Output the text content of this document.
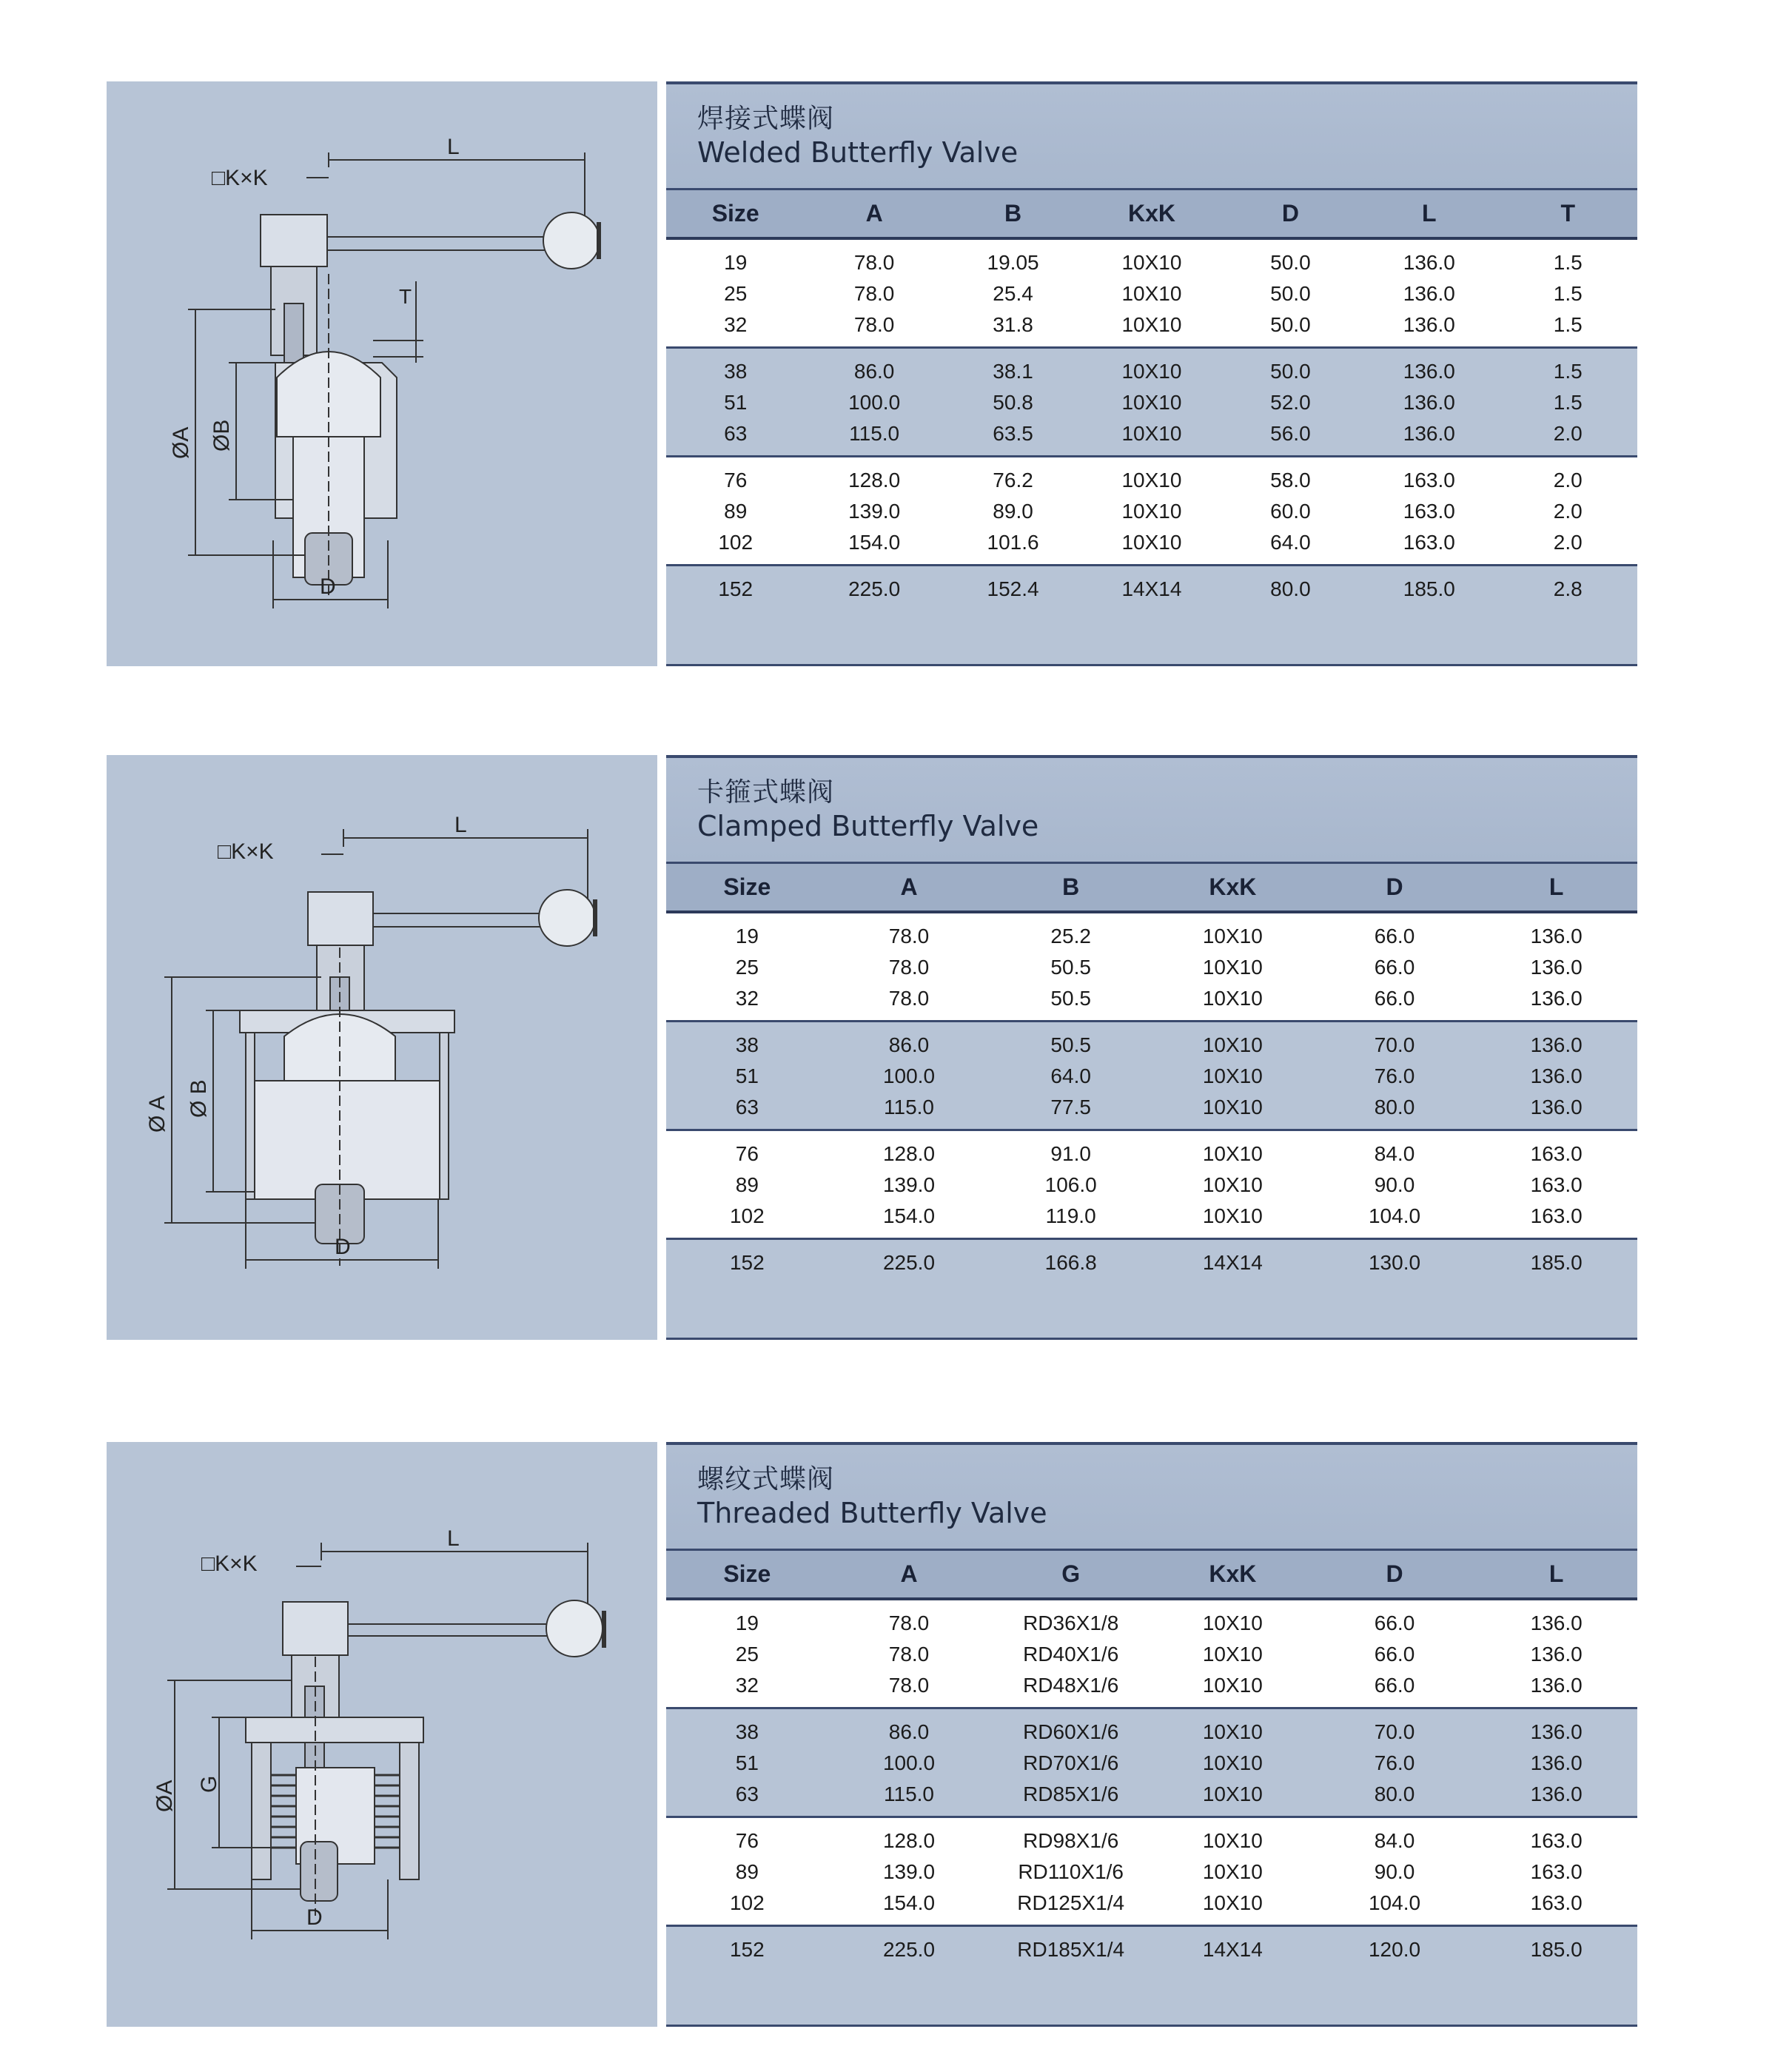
□K×K
L
T
ØA ØB
D
焊接式蝶阀
Welded Butterfly Valve
Size	A	B	KxK	D	L	T
19	78.0	19.05	10X10	50.0	136.0	1.5
25	78.0	25.4	10X10	50.0	136.0	1.5
32	78.0	31.8	10X10	50.0	136.0	1.5
38	86.0	38.1	10X10	50.0	136.0	1.5
51	100.0	50.8	10X10	52.0	136.0	1.5
63	115.0	63.5	10X10	56.0	136.0	2.0
76	128.0	76.2	10X10	58.0	163.0	2.0
89	139.0	89.0	10X10	60.0	163.0	2.0
102	154.0	101.6	10X10	64.0	163.0	2.0
152	225.0	152.4	14X14	80.0	185.0	2.8
□K×K
L
Ø A Ø B
D
卡箍式蝶阀
Clamped Butterfly Valve
Size	A	B	KxK	D	L
19	78.0	25.2	10X10	66.0	136.0
25	78.0	50.5	10X10	66.0	136.0
32	78.0	50.5	10X10	66.0	136.0
38	86.0	50.5	10X10	70.0	136.0
51	100.0	64.0	10X10	76.0	136.0
63	115.0	77.5	10X10	80.0	136.0
76	128.0	91.0	10X10	84.0	163.0
89	139.0	106.0	10X10	90.0	163.0
102	154.0	119.0	10X10	104.0	163.0
152	225.0	166.8	14X14	130.0	185.0
□K×K
L
ØA G
D
螺纹式蝶阀
Threaded Butterfly Valve
Size	A	G	KxK	D	L
19	78.0	RD36X1/8	10X10	66.0	136.0
25	78.0	RD40X1/6	10X10	66.0	136.0
32	78.0	RD48X1/6	10X10	66.0	136.0
38	86.0	RD60X1/6	10X10	70.0	136.0
51	100.0	RD70X1/6	10X10	76.0	136.0
63	115.0	RD85X1/6	10X10	80.0	136.0
76	128.0	RD98X1/6	10X10	84.0	163.0
89	139.0	RD110X1/6	10X10	90.0	163.0
102	154.0	RD125X1/4	10X10	104.0	163.0
152	225.0	RD185X1/4	14X14	120.0	185.0
